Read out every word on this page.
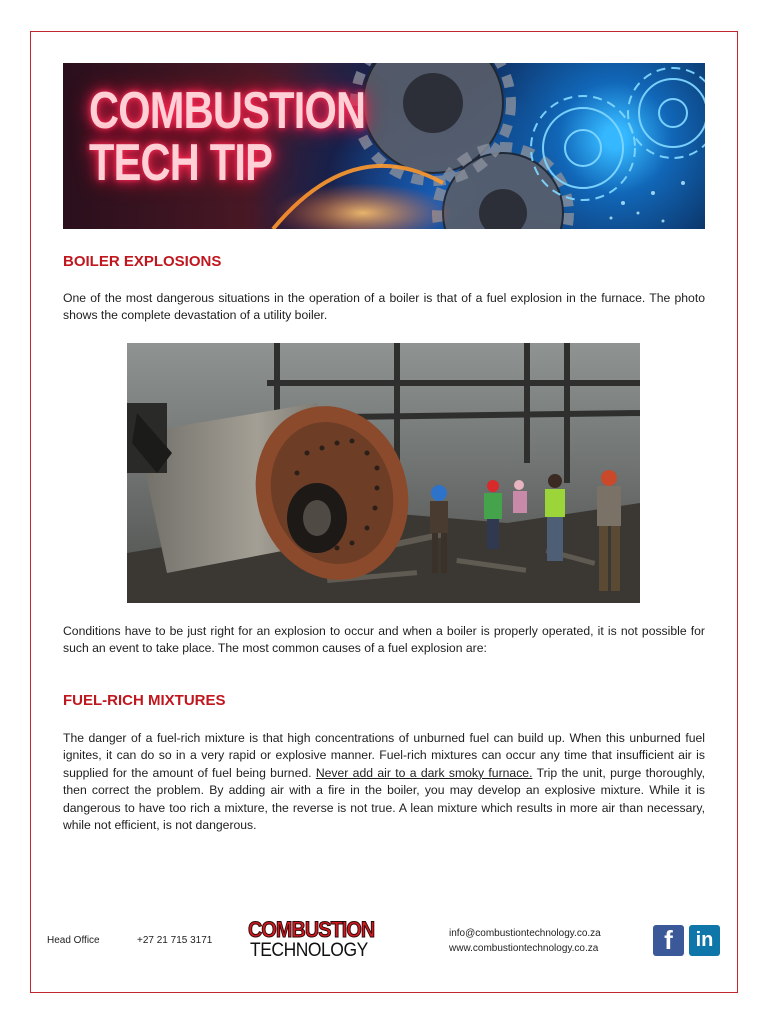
COMBUSTION
TECH TIP
BOILER EXPLOSIONS
One of the most dangerous situations in the operation of a boiler is that of a fuel explosion in the furnace. The photo shows the complete devastation of a utility boiler.
Conditions have to be just right for an explosion to occur and when a boiler is properly operated, it is not possible for such an event to take place. The most common causes of a fuel explosion are:
FUEL-RICH MIXTURES
The danger of a fuel-rich mixture is that high concentrations of unburned fuel can build up. When this unburned fuel ignites, it can do so in a very rapid or explosive manner. Fuel-rich mixtures can occur any time that insufficient air is supplied for the amount of fuel being burned. Never add air to a dark smoky furnace. Trip the unit, purge thoroughly, then correct the problem. By adding air with a fire in the boiler, you may develop an explosive mixture. While it is dangerous to have too rich a mixture, the reverse is not true. A lean mixture which results in more air than necessary, while not efficient, is not dangerous.
Head Office	+27 21 715 3171 COMBUSTION
TECHNOLOGY
info@combustiontechnology.co.za
www.combustiontechnology.co.za	f in
